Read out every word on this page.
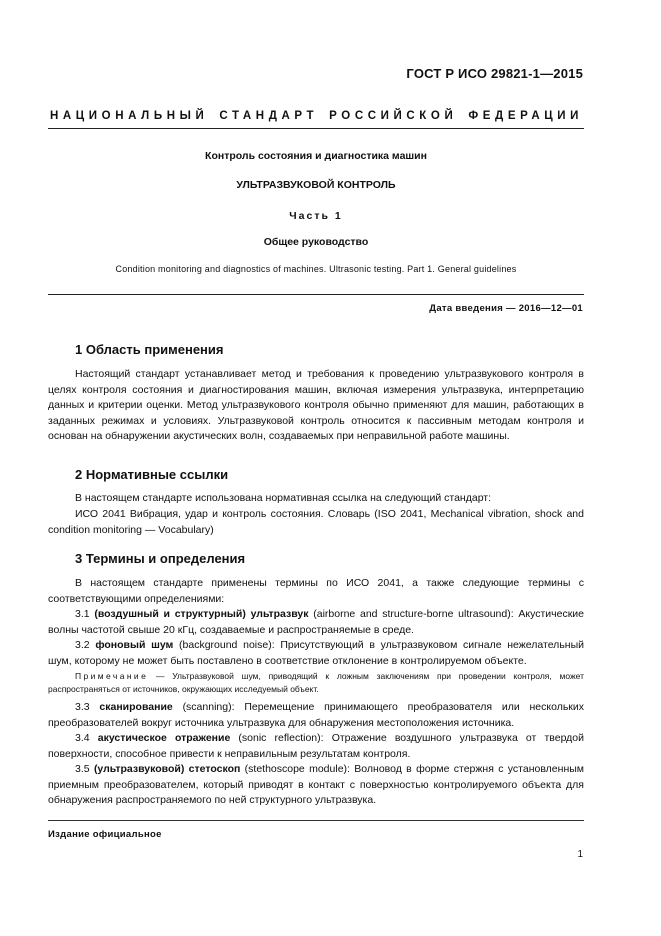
ГОСТ Р ИСО 29821-1—2015
НАЦИОНАЛЬНЫЙ СТАНДАРТ РОССИЙСКОЙ ФЕДЕРАЦИИ
Контроль состояния и диагностика машин
УЛЬТРАЗВУКОВОЙ КОНТРОЛЬ
Часть 1
Общее руководство
Condition monitoring and diagnostics of machines. Ultrasonic testing. Part 1. General guidelines
Дата введения — 2016—12—01
1 Область применения
Настоящий стандарт устанавливает метод и требования к проведению ультразвукового контроля в целях контроля состояния и диагностирования машин, включая измерения ультразвука, интерпретацию данных и критерии оценки. Метод ультразвукового контроля обычно применяют для машин, работающих в заданных режимах и условиях. Ультразвуковой контроль относится к пассивным методам контроля и основан на обнаружении акустических волн, создаваемых при неправильной работе машины.
2 Нормативные ссылки
В настоящем стандарте использована нормативная ссылка на следующий стандарт:
ИСО 2041 Вибрация, удар и контроль состояния. Словарь (ISO 2041, Mechanical vibration, shock and condition monitoring — Vocabulary)
3 Термины и определения
В настоящем стандарте применены термины по ИСО 2041, а также следующие термины с соответствующими определениями:
3.1 (воздушный и структурный) ультразвук (airborne and structure-borne ultrasound): Акустические волны частотой свыше 20 кГц, создаваемые и распространяемые в среде.
3.2 фоновый шум (background noise): Присутствующий в ультразвуковом сигнале нежелательный шум, которому не может быть поставлено в соответствие отклонение в контролируемом объекте.
Примечание — Ультразвуковой шум, приводящий к ложным заключениям при проведении контроля, может распространяться от источников, окружающих исследуемый объект.
3.3 сканирование (scanning): Перемещение принимающего преобразователя или нескольких преобразователей вокруг источника ультразвука для обнаружения местоположения источника.
3.4 акустическое отражение (sonic reflection): Отражение воздушного ультразвука от твердой поверхности, способное привести к неправильным результатам контроля.
3.5 (ультразвуковой) стетоскоп (stethoscope module): Волновод в форме стержня с установленным приемным преобразователем, который приводят в контакт с поверхностью контролируемого объекта для обнаружения распространяемого по ней структурного ультразвука.
Издание официальное
1
